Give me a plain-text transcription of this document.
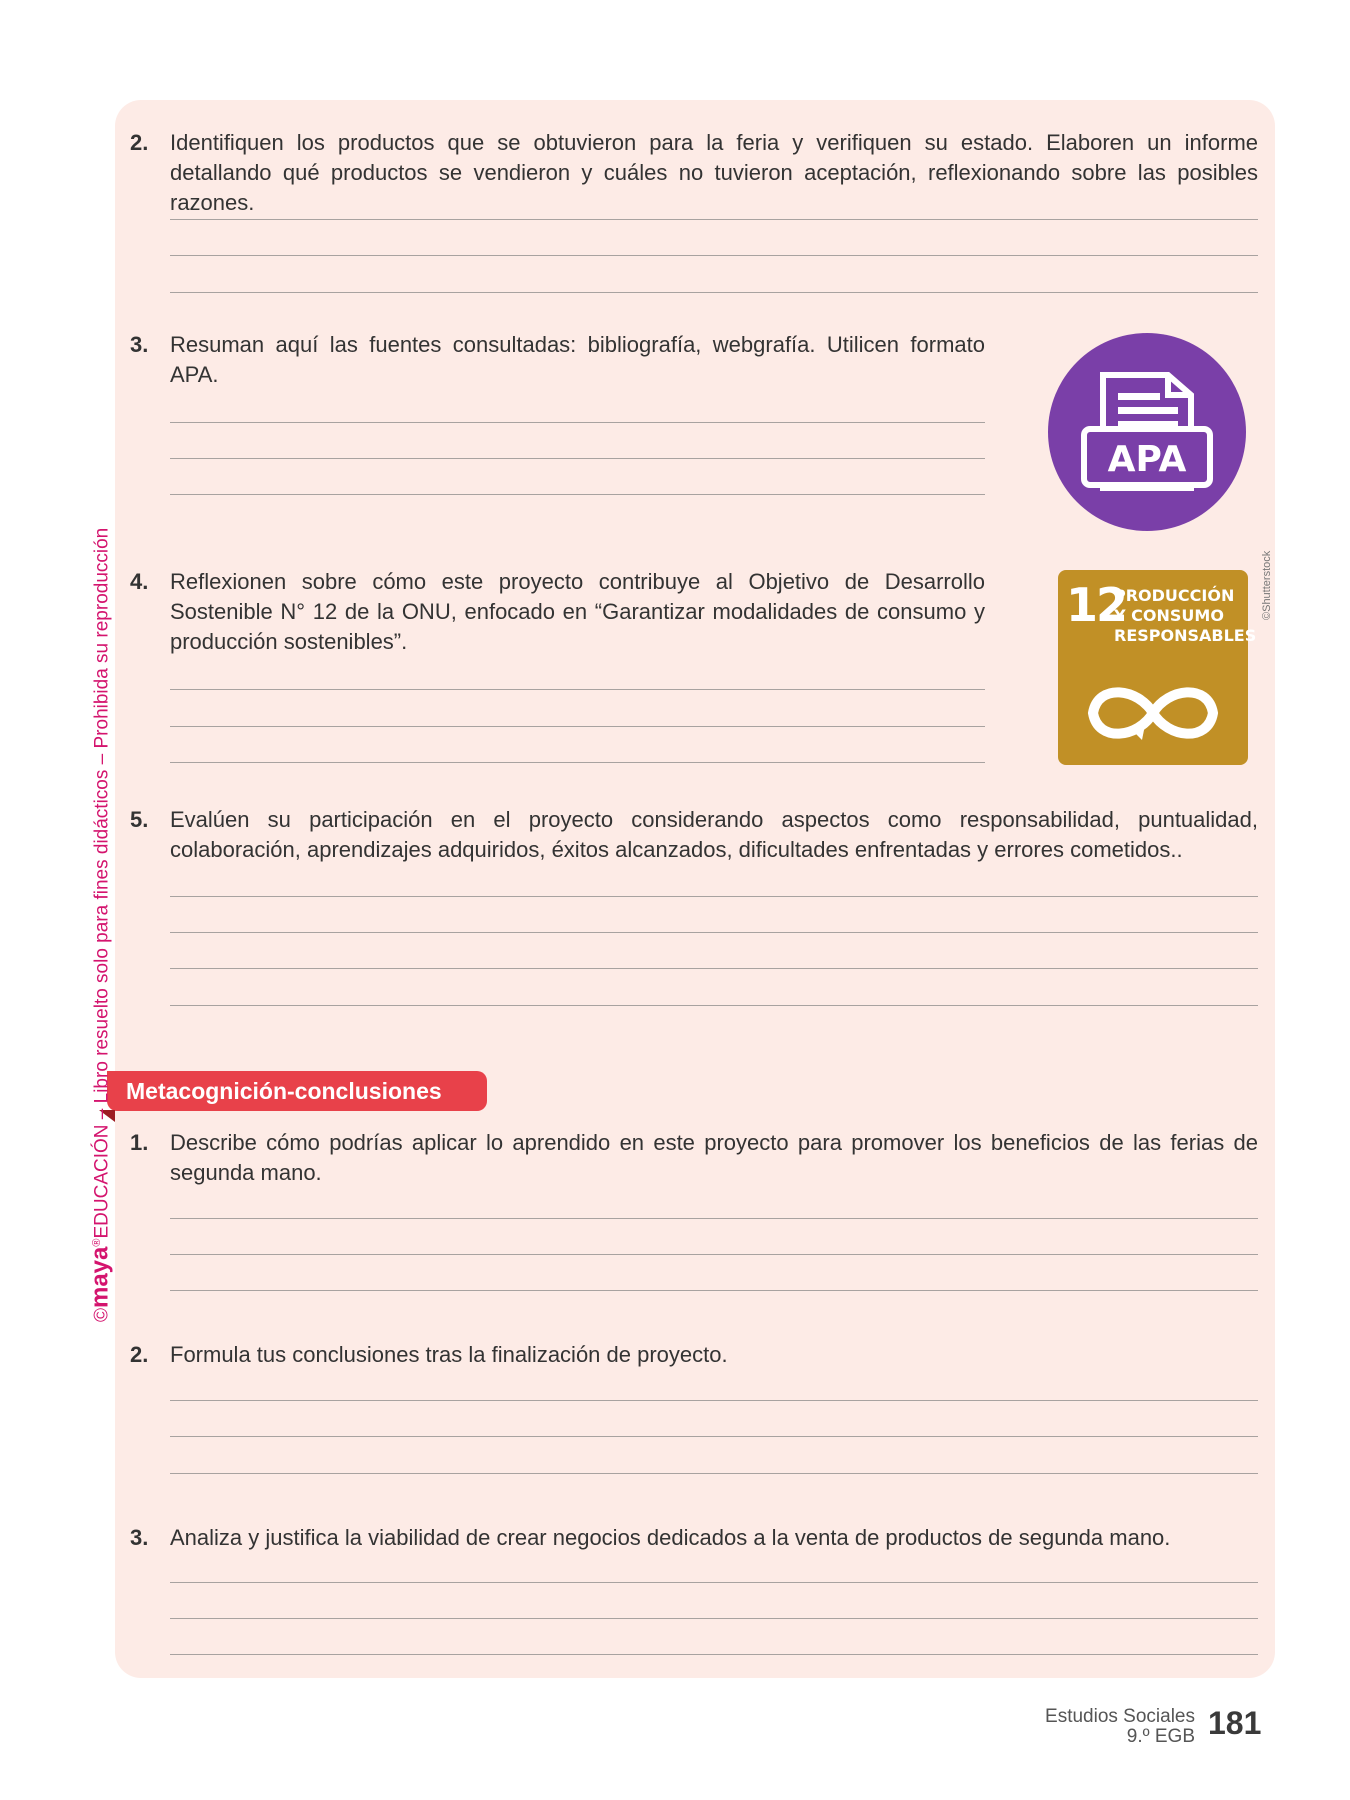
2. Identifiquen los productos que se obtuvieron para la feria y verifiquen su estado. Elaboren un informe detallando qué productos se vendieron y cuáles no tuvieron aceptación, reflexionando sobre las posibles razones.
3. Resuman aquí las fuentes consultadas: bibliografía, webgrafía. Utilicen formato APA.
APA
4. Reflexionen sobre cómo este proyecto contribuye al Objetivo de Desarrollo Sostenible N° 12 de la ONU, enfocado en “Garantizar modalidades de consumo y producción sostenibles”.
12
PRODUCCIÓN
Y CONSUMO
RESPONSABLES
©Shutterstock
5. Evalúen su participación en el proyecto considerando aspectos como responsabilidad, puntualidad, colaboración, aprendizajes adquiridos, éxitos alcanzados, dificultades enfrentadas y errores cometidos..
Metacognición-conclusiones
1. Describe cómo podrías aplicar lo aprendido en este proyecto para promover los beneficios de las ferias de segunda mano.
2. Formula tus conclusiones tras la finalización de proyecto.
3. Analiza y justifica la viabilidad de crear negocios dedicados a la venta de productos de segunda mano.
©maya®EDUCACIÓN – Libro resuelto solo para fines didácticos – Prohibida su reproducción
Estudios Sociales
9.º EGB 181
